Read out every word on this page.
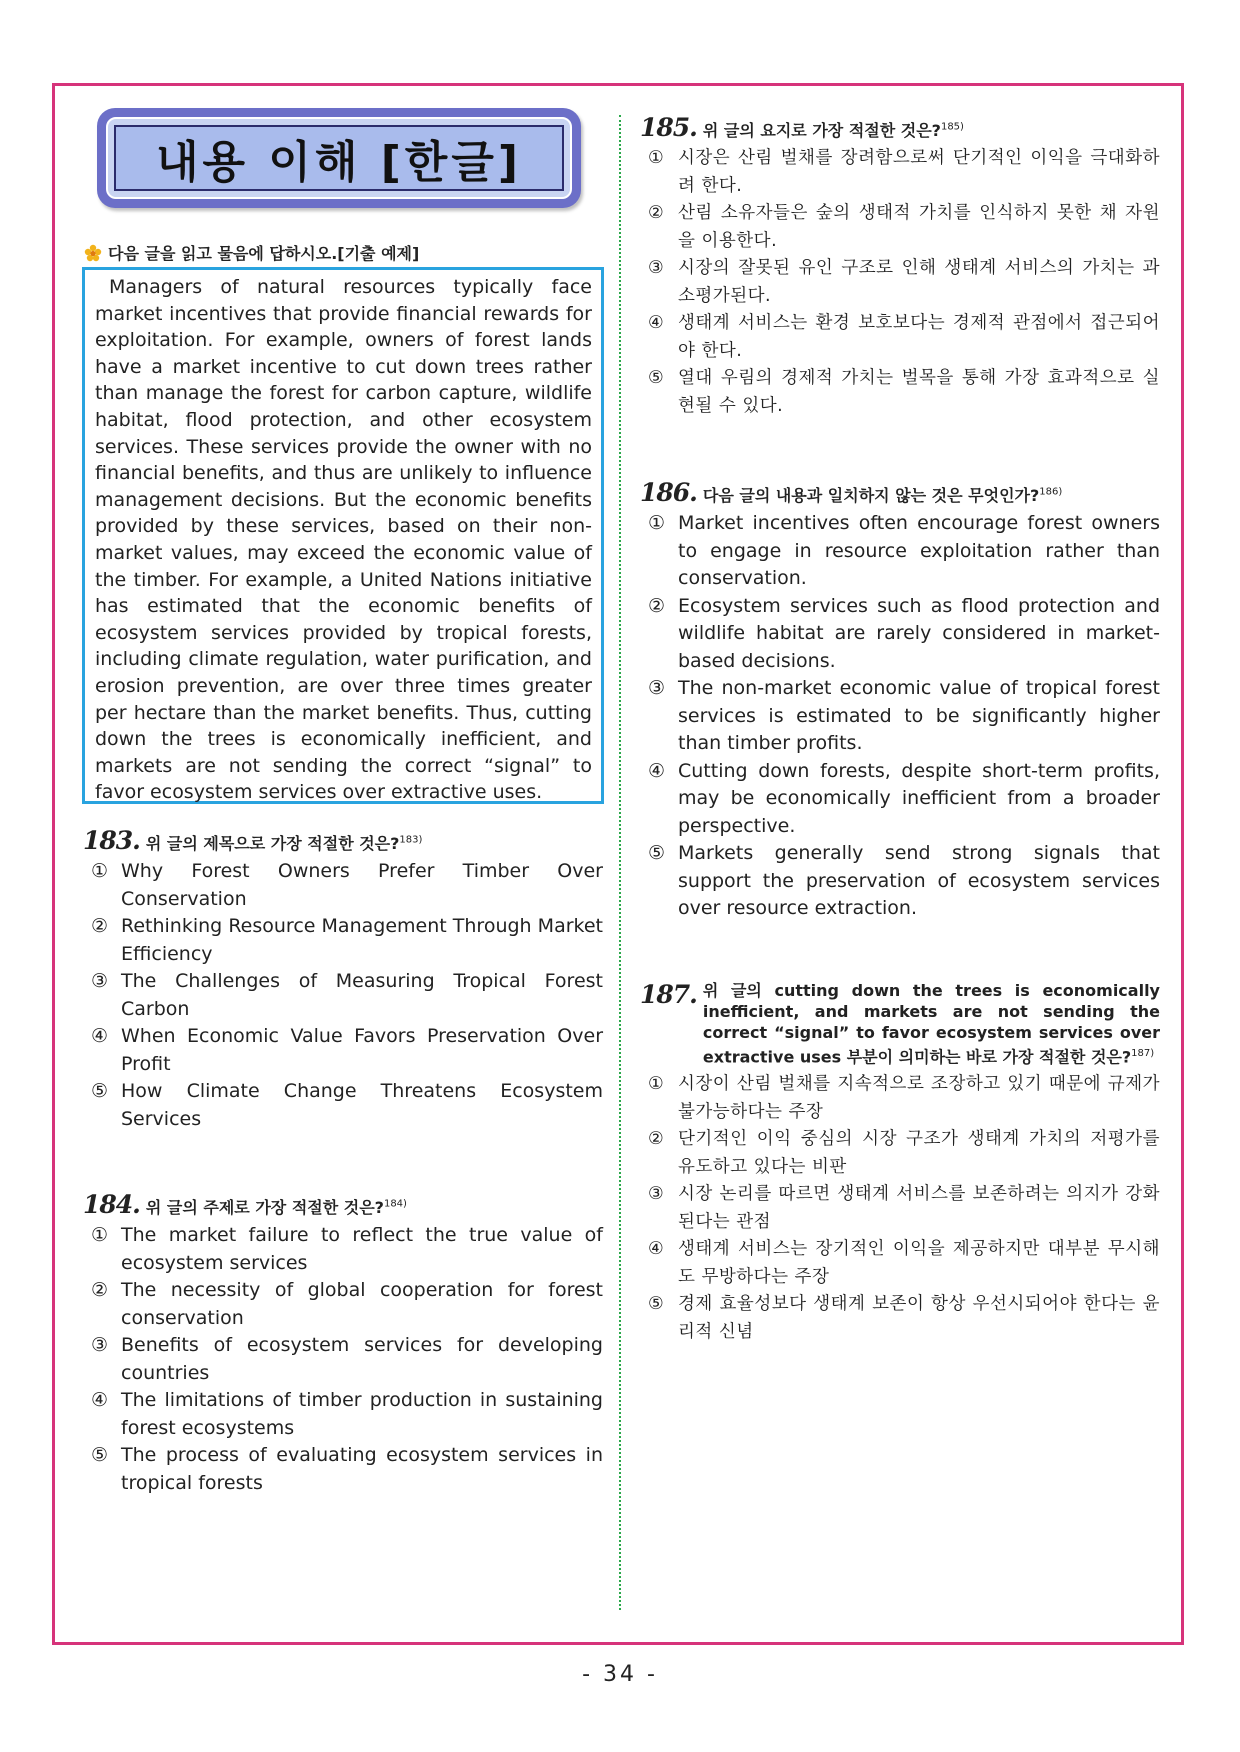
내용 이해 [한글]
다음 글을 읽고 물음에 답하시오.[기출 예제]
Managers of natural resources typically face market incentives that provide financial rewards for exploitation. For example, owners of forest lands have a market incentive to cut down trees rather than manage the forest for carbon capture, wildlife habitat, flood protection, and other ecosystem services. These services provide the owner with no financial benefits, and thus are unlikely to influence management decisions. But the economic benefits provided by these services, based on their non-market values, may exceed the economic value of the timber. For example, a United Nations initiative has estimated that the economic benefits of ecosystem services provided by tropical forests, including climate regulation, water purification, and erosion prevention, are over three times greater per hectare than the market benefits. Thus, cutting down the trees is economically inefficient, and markets are not sending the correct “signal” to favor ecosystem services over extractive uses.
183. 위 글의 제목으로 가장 적절한 것은?$^{183)}$
① Why Forest Owners Prefer Timber Over Conservation
② Rethinking Resource Management Through Market Efficiency
③ The Challenges of Measuring Tropical Forest Carbon
④ When Economic Value Favors Preservation Over Profit
⑤ How Climate Change Threatens Ecosystem Services
184. 위 글의 주제로 가장 적절한 것은?$^{184)}$
① The market failure to reflect the true value of ecosystem services
② The necessity of global cooperation for forest conservation
③ Benefits of ecosystem services for developing countries
④ The limitations of timber production in sustaining forest ecosystems
⑤ The process of evaluating ecosystem services in tropical forests
185. 위 글의 요지로 가장 적절한 것은?$^{185)}$
① 시장은 산림 벌채를 장려함으로써 단기적인 이익을 극대화하려 한다.
② 산림 소유자들은 숲의 생태적 가치를 인식하지 못한 채 자원을 이용한다.
③ 시장의 잘못된 유인 구조로 인해 생태계 서비스의 가치는 과소평가된다.
④ 생태계 서비스는 환경 보호보다는 경제적 관점에서 접근되어야 한다.
⑤ 열대 우림의 경제적 가치는 벌목을 통해 가장 효과적으로 실현될 수 있다.
186. 다음 글의 내용과 일치하지 않는 것은 무엇인가?$^{186)}$
① Market incentives often encourage forest owners to engage in resource exploitation rather than conservation.
② Ecosystem services such as flood protection and wildlife habitat are rarely considered in market-based decisions.
③ The non-market economic value of tropical forest services is estimated to be significantly higher than timber profits.
④ Cutting down forests, despite short-term profits, may be economically inefficient from a broader perspective.
⑤ Markets generally send strong signals that support the preservation of ecosystem services over resource extraction.
187. 위 글의 cutting down the trees is economically inefficient, and markets are not sending the correct “signal” to favor ecosystem services over extractive uses 부분이 의미하는 바로 가장 적절한 것은?$^{187)}$
① 시장이 산림 벌채를 지속적으로 조장하고 있기 때문에 규제가 불가능하다는 주장
② 단기적인 이익 중심의 시장 구조가 생태계 가치의 저평가를 유도하고 있다는 비판
③ 시장 논리를 따르면 생태계 서비스를 보존하려는 의지가 강화된다는 관점
④ 생태계 서비스는 장기적인 이익을 제공하지만 대부분 무시해도 무방하다는 주장
⑤ 경제 효율성보다 생태계 보존이 항상 우선시되어야 한다는 윤리적 신념
- 34 -
